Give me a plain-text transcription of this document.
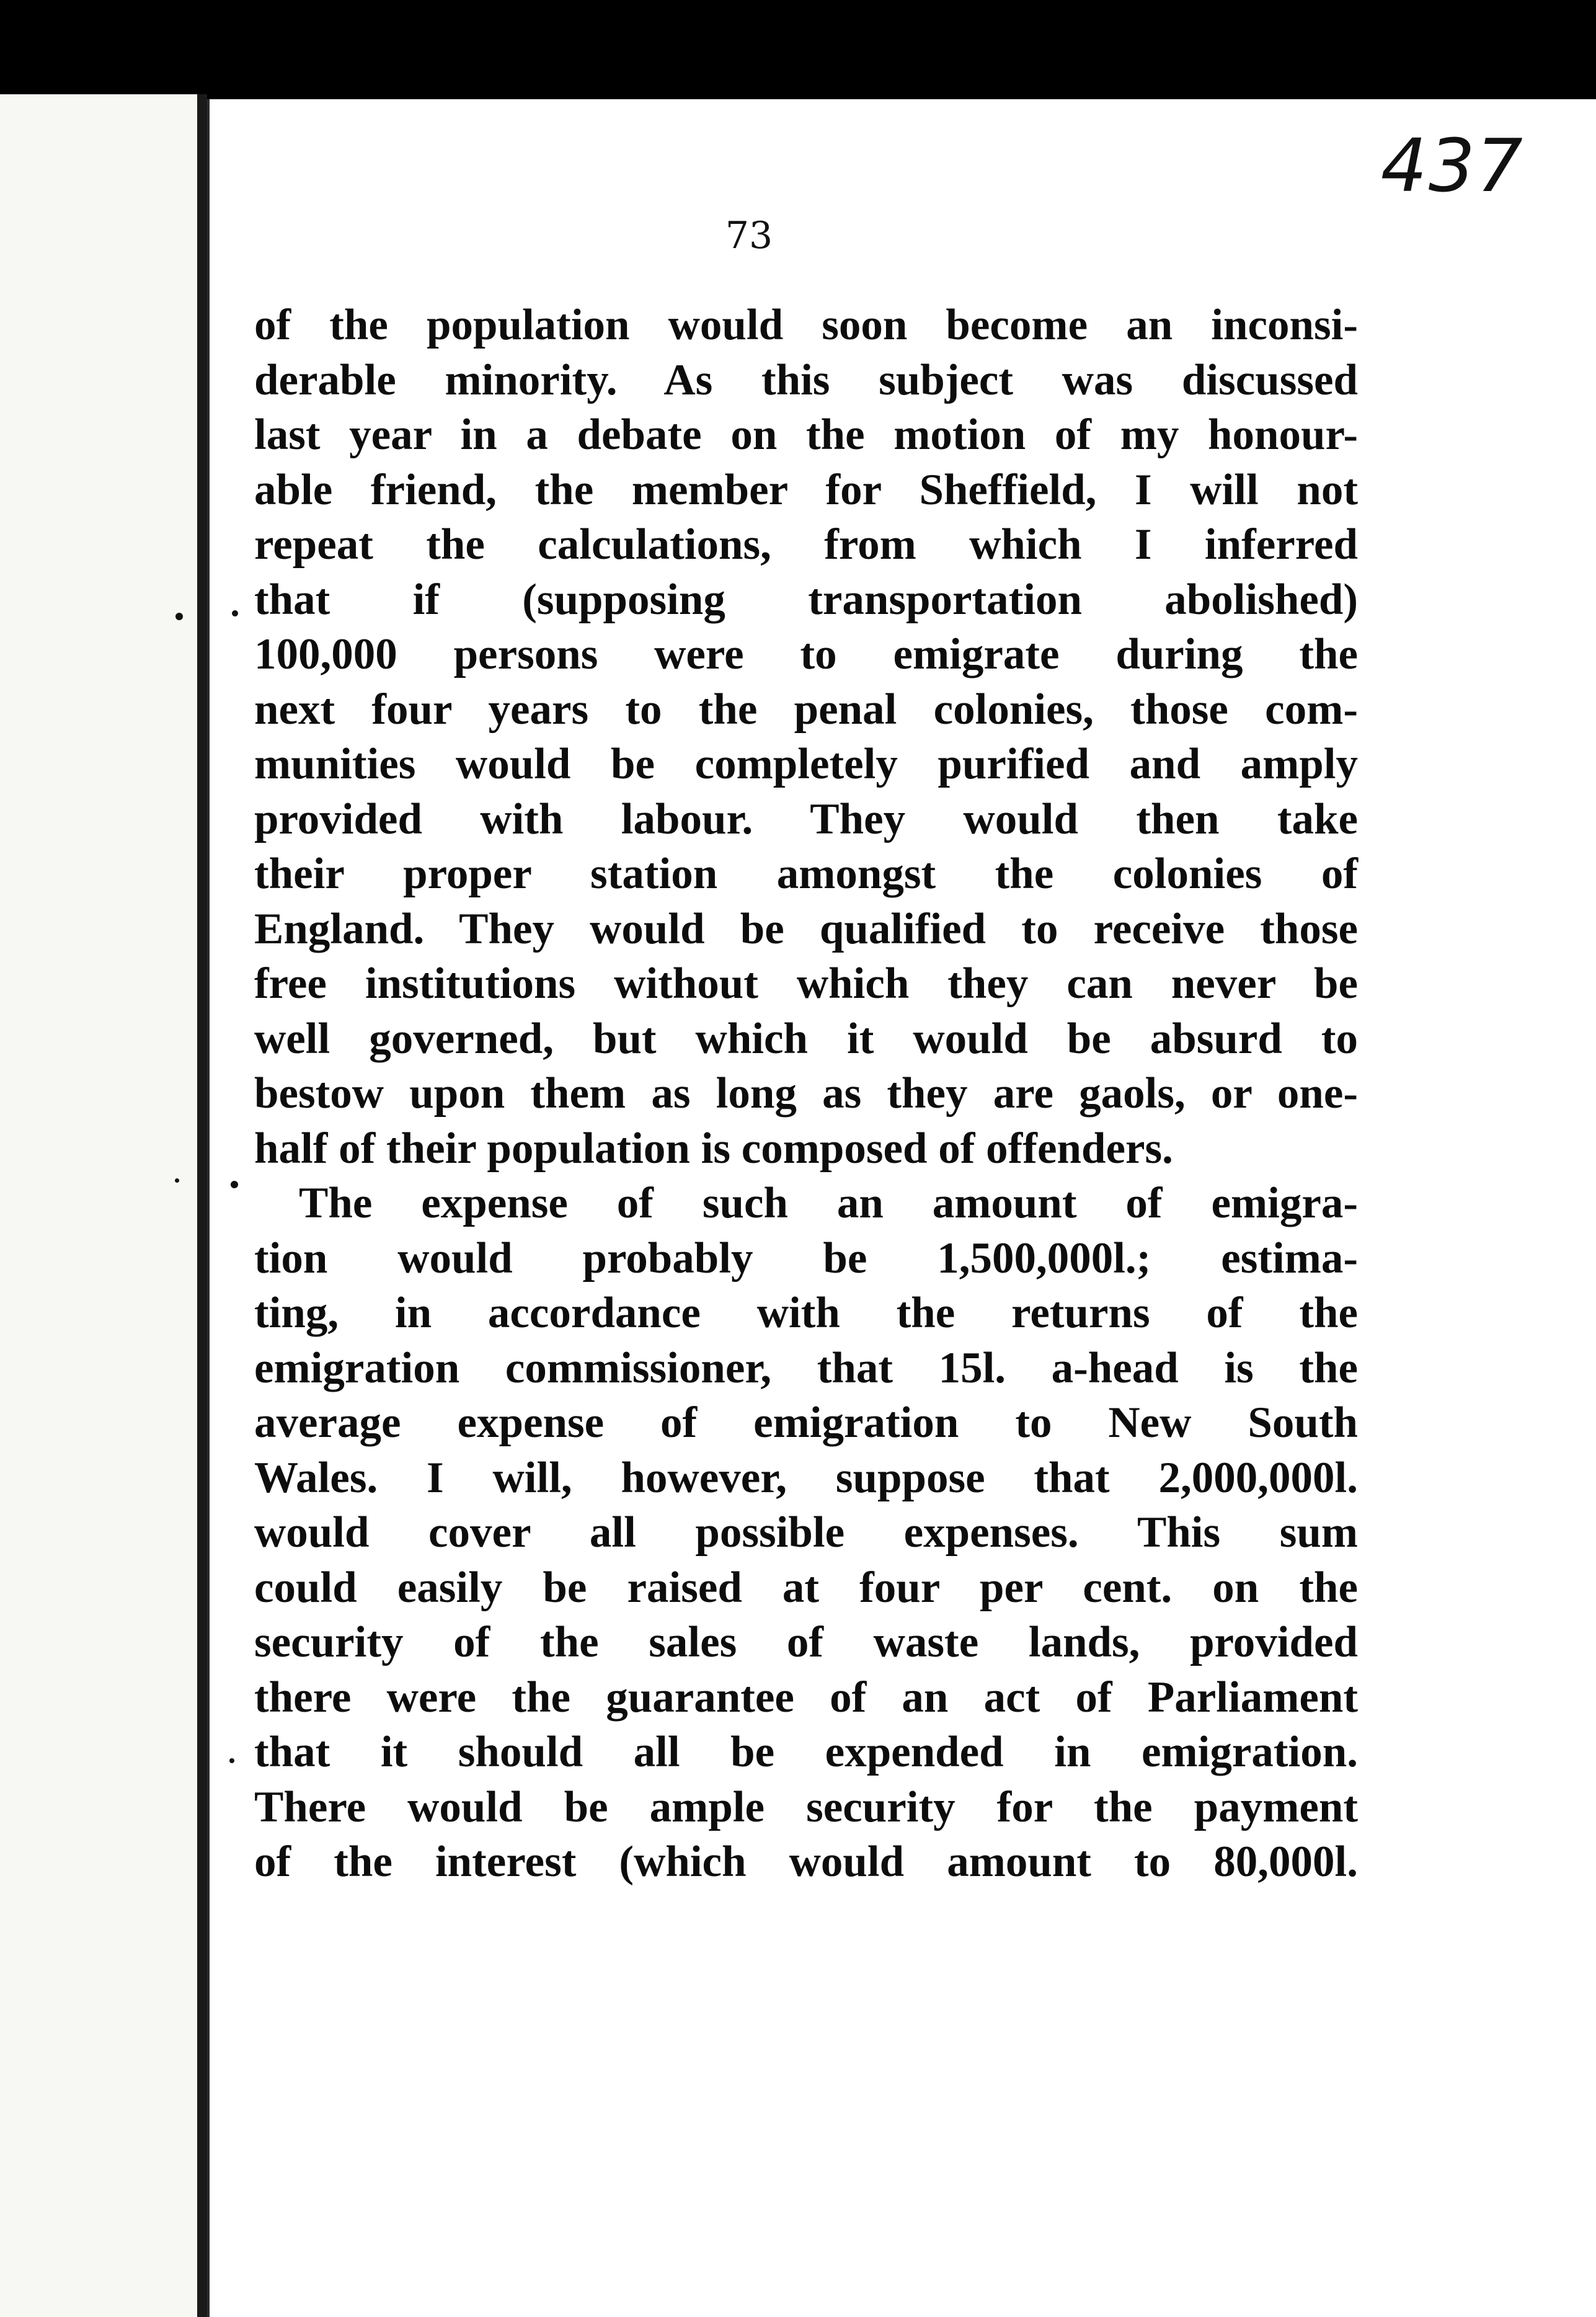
437
73
of the population would soon become an inconsi-
derable minority. As this subject was discussed
last year in a debate on the motion of my honour-
able friend, the member for Sheffield, I will not
repeat the calculations, from which I inferred
that if (supposing transportation abolished)
100,000 persons were to emigrate during the
next four years to the penal colonies, those com-
munities would be completely purified and amply
provided with labour. They would then take
their proper station amongst the colonies of
England. They would be qualified to receive those
free institutions without which they can never be
well governed, but which it would be absurd to
bestow upon them as long as they are gaols, or one-
half of their population is composed of offenders.
The expense of such an amount of emigra-
tion would probably be 1,500,000l.; estima-
ting, in accordance with the returns of the
emigration commissioner, that 15l. a-head is the
average expense of emigration to New South
Wales. I will, however, suppose that 2,000,000l.
would cover all possible expenses. This sum
could easily be raised at four per cent. on the
security of the sales of waste lands, provided
there were the guarantee of an act of Parliament
that it should all be expended in emigration.
There would be ample security for the payment
of the interest (which would amount to 80,000l.
